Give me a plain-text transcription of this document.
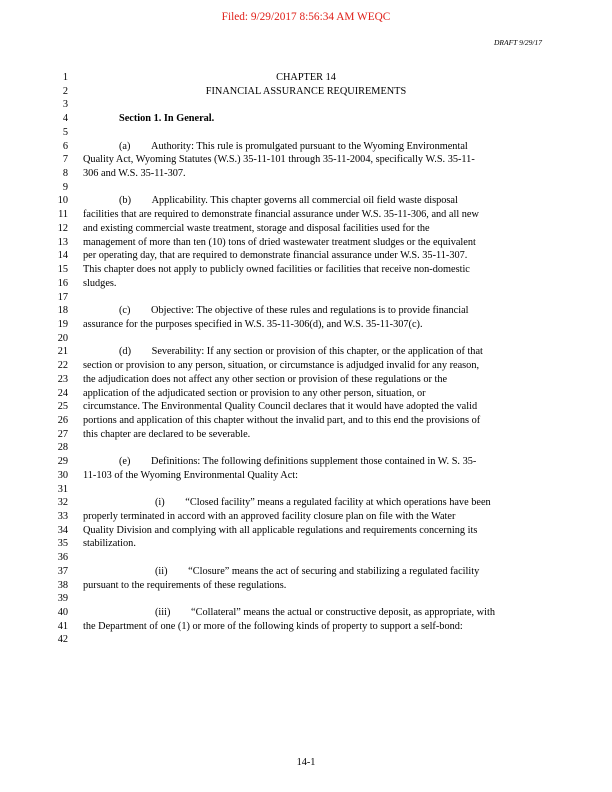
Filed: 9/29/2017 8:56:34 AM WEQC
DRAFT 9/29/17
1	CHAPTER 14
2	FINANCIAL ASSURANCE REQUIREMENTS
3
4	Section 1. In General.
5
6	(a)  Authority: This rule is promulgated pursuant to the Wyoming Environmental
7 Quality Act, Wyoming Statutes (W.S.) 35-11-101 through 35-11-2004, specifically W.S. 35-11-
8 306 and W.S. 35-11-307.
9
10	(b)  Applicability. This chapter governs all commercial oil field waste disposal
11 facilities that are required to demonstrate financial assurance under W.S. 35-11-306, and all new
12 and existing commercial waste treatment, storage and disposal facilities used for the
13 management of more than ten (10) tons of dried wastewater treatment sludges or the equivalent
14 per operating day, that are required to demonstrate financial assurance under W.S. 35-11-307.
15 This chapter does not apply to publicly owned facilities or facilities that receive non-domestic
16 sludges.
17
18	(c)  Objective: The objective of these rules and regulations is to provide financial
19 assurance for the purposes specified in W.S. 35-11-306(d), and W.S. 35-11-307(c).
20
21	(d)  Severability: If any section or provision of this chapter, or the application of that
22 section or provision to any person, situation, or circumstance is adjudged invalid for any reason,
23 the adjudication does not affect any other section or provision of these regulations or the
24 application of the adjudicated section or provision to any other person, situation, or
25 circumstance. The Environmental Quality Council declares that it would have adopted the valid
26 portions and application of this chapter without the invalid part, and to this end the provisions of
27 this chapter are declared to be severable.
28
29	(e)  Definitions: The following definitions supplement those contained in W. S. 35-
30 11-103 of the Wyoming Environmental Quality Act:
31
32	(i)  “Closed facility” means a regulated facility at which operations have been
33 properly terminated in accord with an approved facility closure plan on file with the Water
34 Quality Division and complying with all applicable regulations and requirements concerning its
35 stabilization.
36
37	(ii)  “Closure” means the act of securing and stabilizing a regulated facility
38 pursuant to the requirements of these regulations.
39
40	(iii)  “Collateral” means the actual or constructive deposit, as appropriate, with
41 the Department of one (1) or more of the following kinds of property to support a self-bond:
42
14-1
